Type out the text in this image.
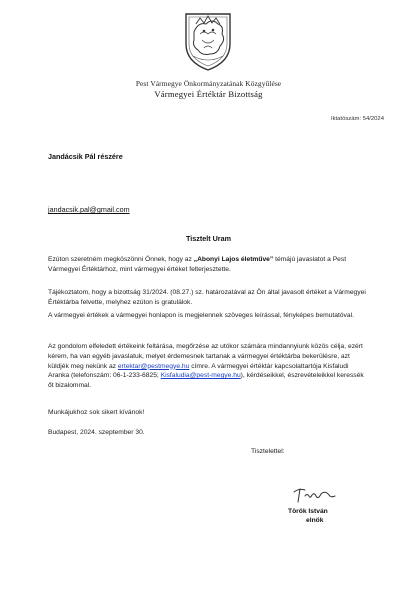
Pest Vármegye Önkormányzatának Közgyűlése
Vármegyei Értéktár Bizottság
Iktatószám: 54/2024
Jandácsik Pál részére
jandacsik.pal@gmail.com
Tisztelt Uram
Ezúton szeretném megköszönni Önnek, hogy az „Abonyi Lajos életműve” témájú javaslatot a Pest Vármegyei Értéktárhoz, mint vármegyei értéket felterjesztette.
Tájékoztatom, hogy a bizottság 31/2024. (08.27.) sz. határozatával az Ön által javasolt értéket a Vármegyei Értéktárba felvette, melyhez ezúton is gratulálok.
A vármegyei értékek a vármegyei honlapon is megjelennek szöveges leírással, fényképes bemutatóval.
Az gondolom elfeledett értékeink feltárása, megőrzése az utókor számára mindannyiunk közös célja, ezért kérem, ha van egyéb javaslatuk, melyet érdemesnek tartanak a vármegyei értéktárba bekerülésre, azt küldjék meg nekünk az ertektar@pestmegye.hu címre. A vármegyei értéktár kapcsolattartója Kisfaludi Aranka (telefonszám: 06-1-233-6825; Kisfaludia@pest-megye.hu), kérdéseikkel, észrevételeikkel keressék őt bizalommal.
Munkájukhoz sok sikert kívánok!
Budapest, 2024. szeptember 30.
Tisztelettel:
Török István
elnök
